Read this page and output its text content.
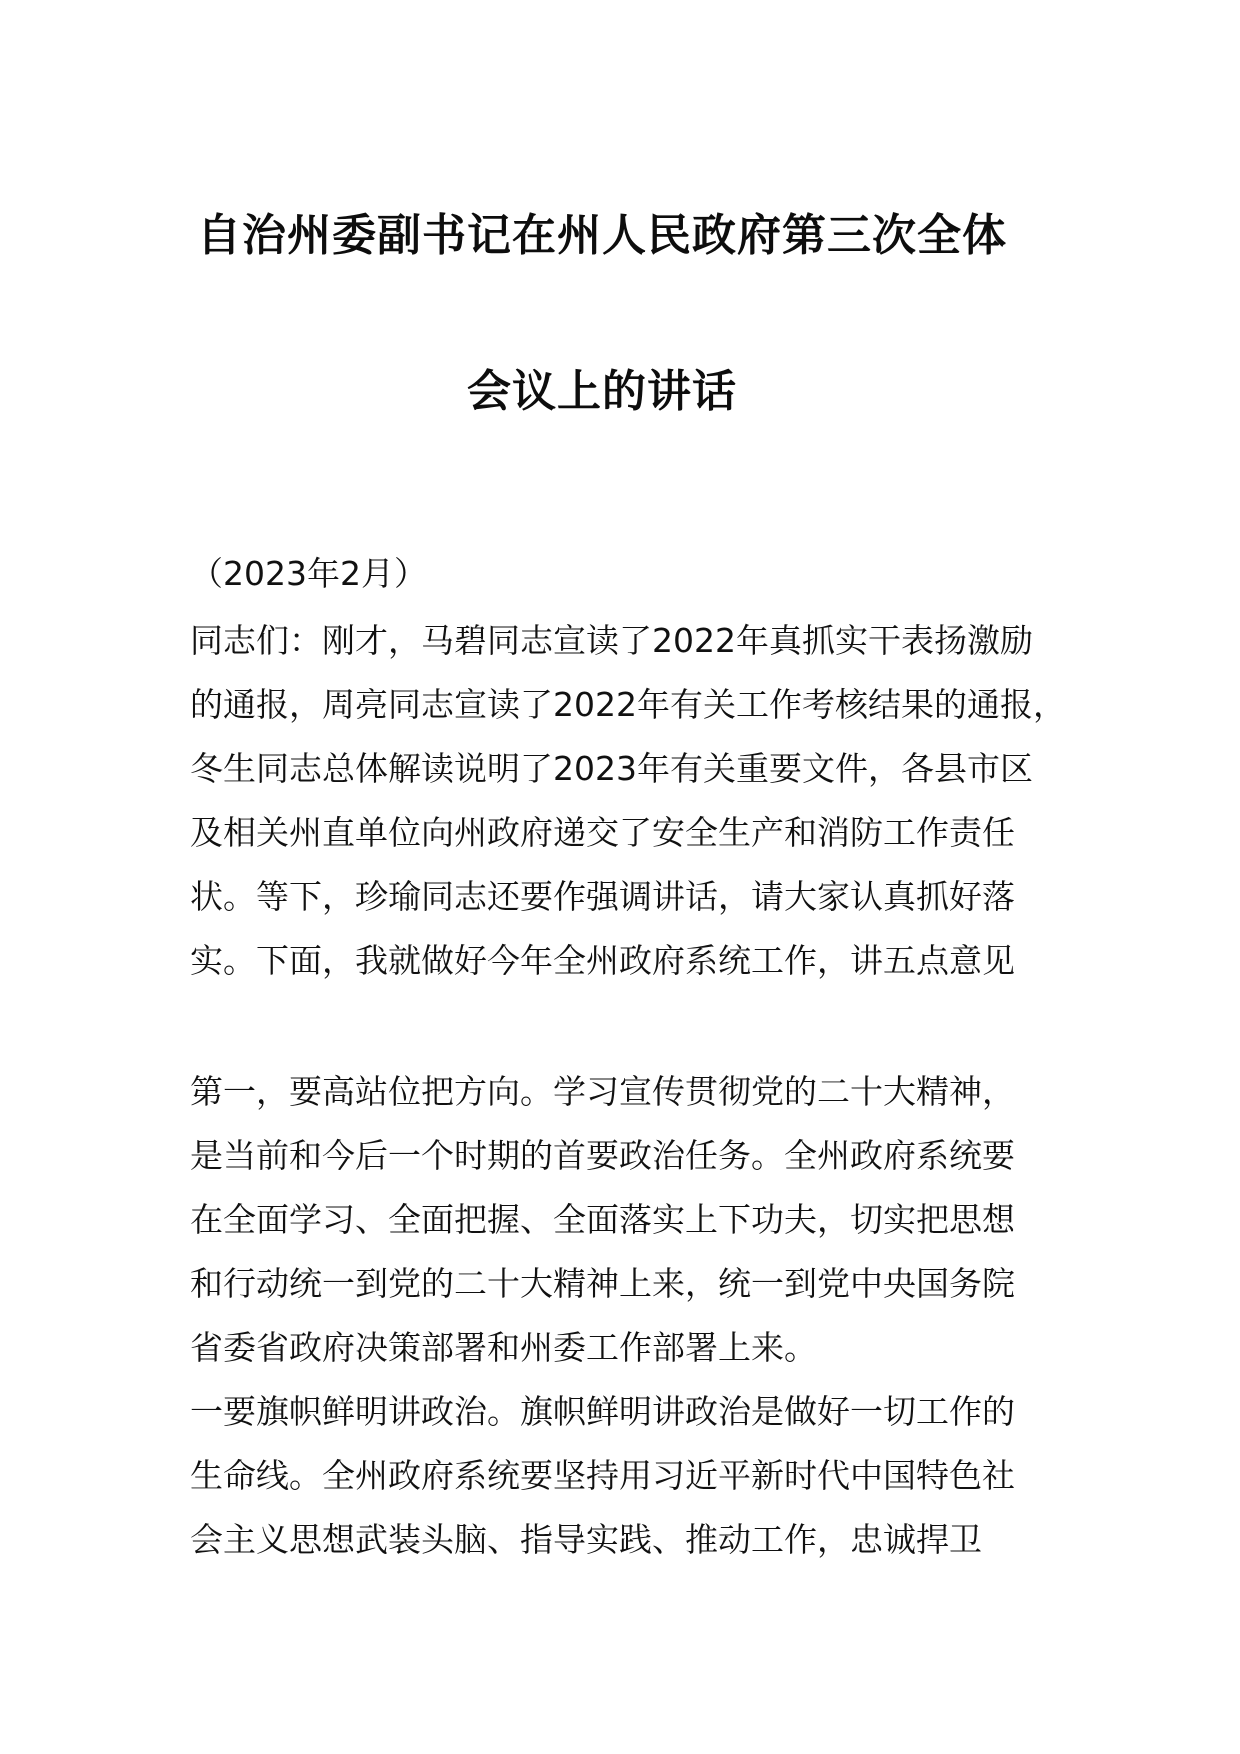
自治州委副书记在州人民政府第三次全体
会议上的讲话
（2023年2月）
同志们：刚才，马碧同志宣读了2022年真抓实干表扬激励
的通报，周亮同志宣读了2022年有关工作考核结果的通报，
冬生同志总体解读说明了2023年有关重要文件，各县市区
及相关州直单位向州政府递交了安全生产和消防工作责任
状。等下，珍瑜同志还要作强调讲话，请大家认真抓好落
实。下面，我就做好今年全州政府系统工作，讲五点意见
第一，要高站位把方向。学习宣传贯彻党的二十大精神，
是当前和今后一个时期的首要政治任务。全州政府系统要
在全面学习、全面把握、全面落实上下功夫，切实把思想
和行动统一到党的二十大精神上来，统一到党中央国务院
省委省政府决策部署和州委工作部署上来。
一要旗帜鲜明讲政治。旗帜鲜明讲政治是做好一切工作的
生命线。全州政府系统要坚持用习近平新时代中国特色社
会主义思想武装头脑、指导实践、推动工作，忠诚捍卫
